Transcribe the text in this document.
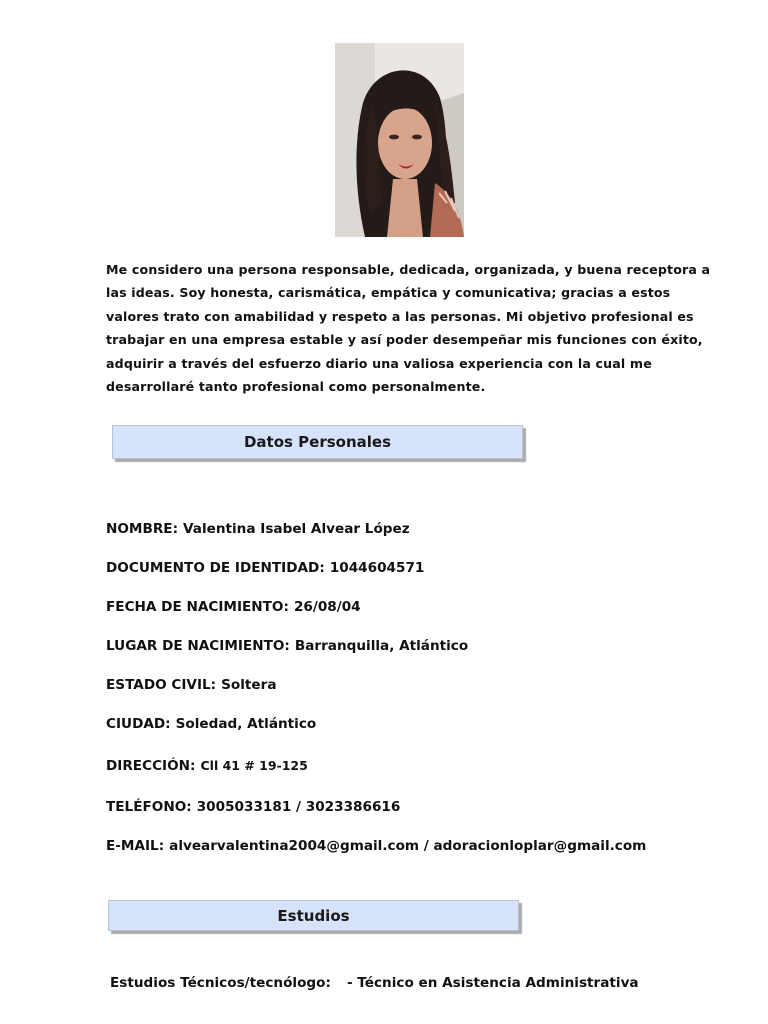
Me considero una persona responsable, dedicada, organizada, y buena receptora a

las ideas. Soy honesta, carismática, empática y comunicativa; gracias a estos

valores trato con amabilidad y respeto a las personas. Mi objetivo profesional es

trabajar en una empresa estable y así poder desempeñar mis funciones con éxito,

adquirir a través del esfuerzo diario una valiosa experiencia con la cual me

desarrollaré tanto profesional como personalmente.

Datos Personales
NOMBRE: Valentina Isabel Alvear López
DOCUMENTO DE IDENTIDAD: 1044604571
FECHA DE NACIMIENTO: 26/08/04
LUGAR DE NACIMIENTO: Barranquilla, Atlántico
ESTADO CIVIL: Soltera
CIUDAD: Soledad, Atlántico
DIRECCIÓN: Cll 41 # 19-125
TELÉFONO: 3005033181 / 3023386616
E-MAIL: alvearvalentina2004@gmail.com / adoracionloplar@gmail.com
Estudios
Estudios Técnicos/tecnólogo: - Técnico en Asistencia Administrativa
